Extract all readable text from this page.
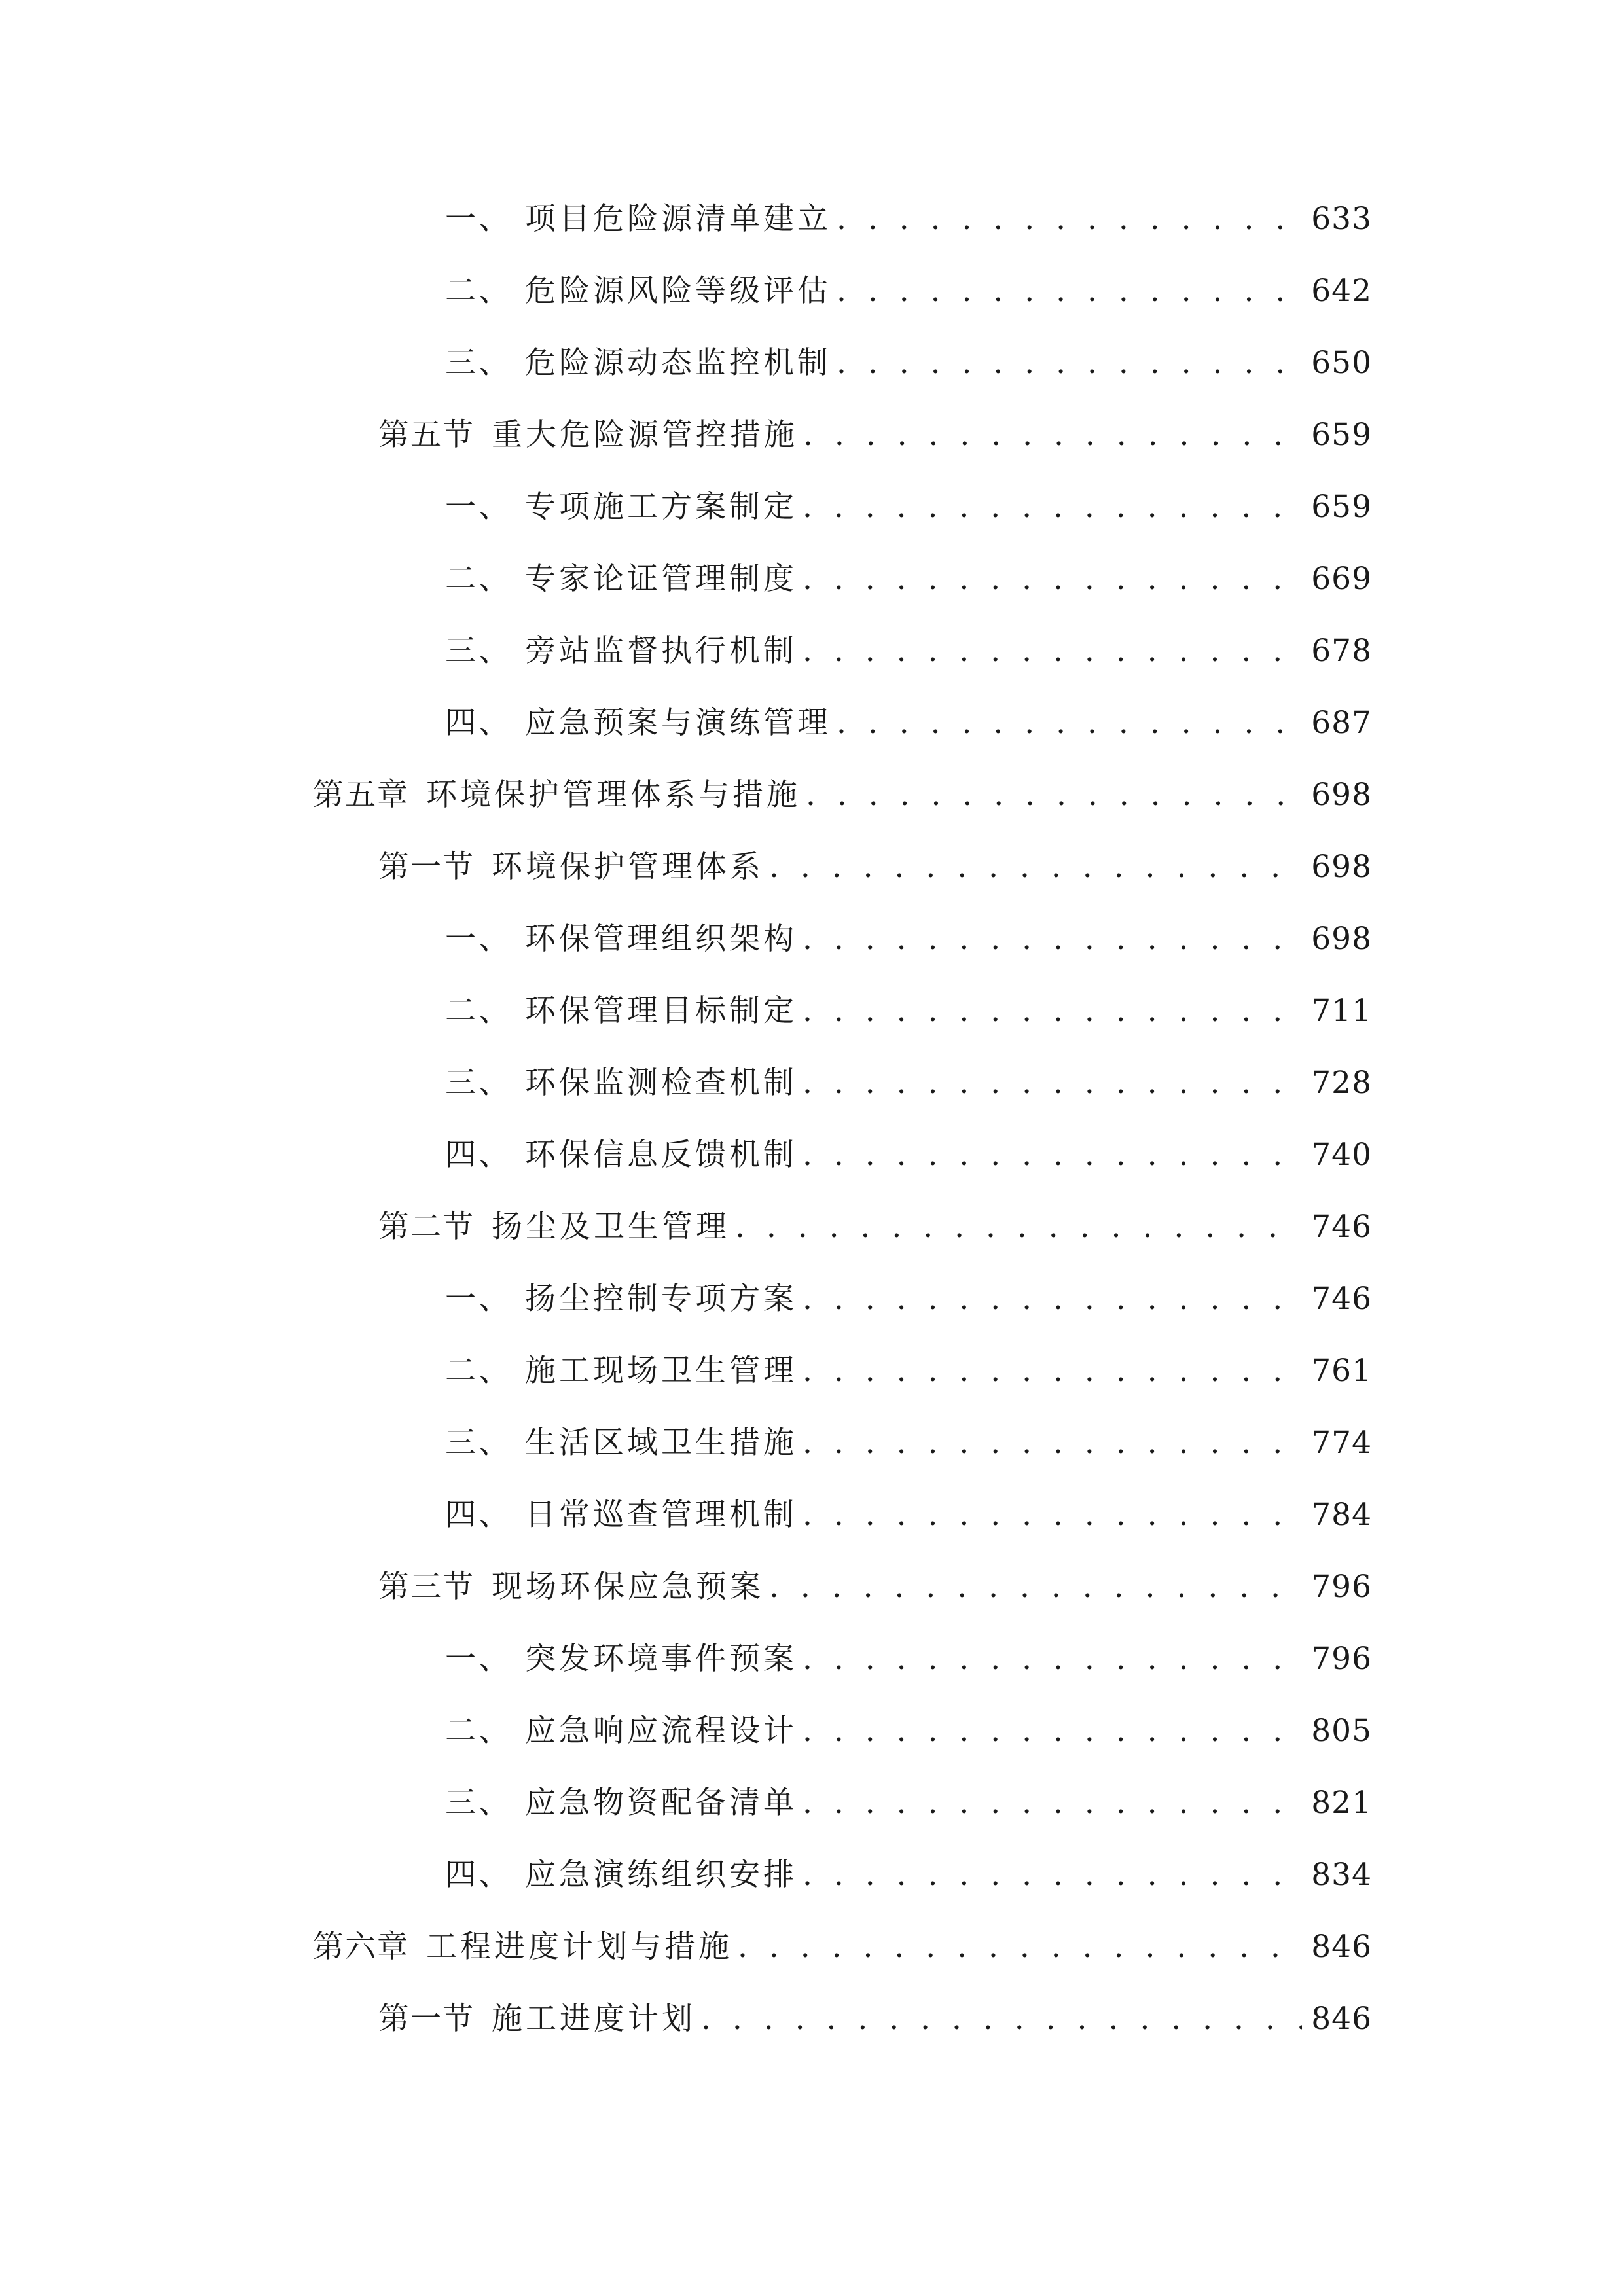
一、 项目危险源清单建立 . . .	633
二、 危险源风险等级评估 . . .	642
三、 危险源动态监控机制 . . .	650
第五节 重大危险源管控措施 . . .	659
一、 专项施工方案制定 . . .	659
二、 专家论证管理制度 . . .	669
三、 旁站监督执行机制 . . .	678
四、 应急预案与演练管理 . . .	687
第五章 环境保护管理体系与措施 . . .	698
第一节 环境保护管理体系 . . .	698
一、 环保管理组织架构 . . .	698
二、 环保管理目标制定 . . .	711
三、 环保监测检查机制 . . .	728
四、 环保信息反馈机制 . . .	740
第二节 扬尘及卫生管理 . . .	746
一、 扬尘控制专项方案 . . .	746
二、 施工现场卫生管理 . . .	761
三、 生活区域卫生措施 . . .	774
四、 日常巡查管理机制 . . .	784
第三节 现场环保应急预案 . . .	796
一、 突发环境事件预案 . . .	796
二、 应急响应流程设计 . . .	805
三、 应急物资配备清单 . . .	821
四、 应急演练组织安排 . . .	834
第六章 工程进度计划与措施 . . .	846
第一节 施工进度计划 . . .	846
